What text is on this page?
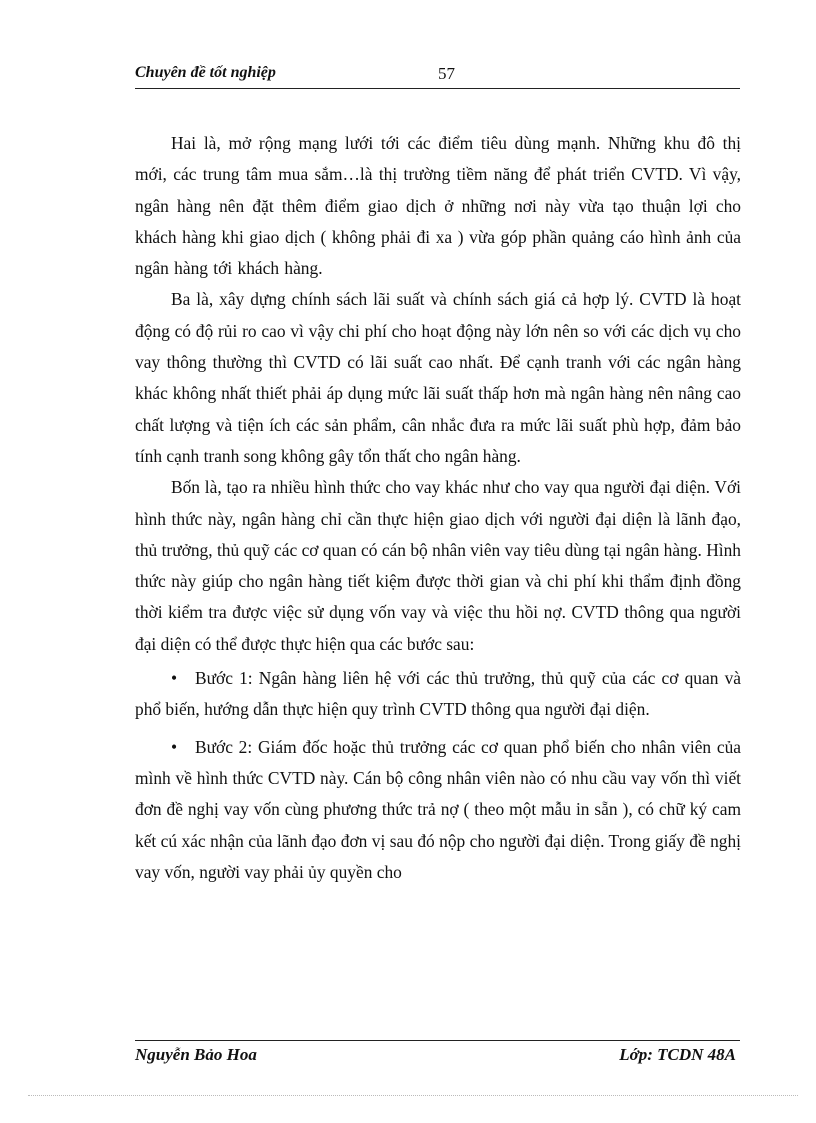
Chuyên đề tốt nghiệp	57

Hai là, mở rộng mạng lưới tới các điểm tiêu dùng mạnh. Những khu đô thị mới, các trung tâm mua sắm…là thị trường tiềm năng để phát triển CVTD. Vì vậy, ngân hàng nên đặt thêm điểm giao dịch ở những nơi này vừa tạo thuận lợi cho khách hàng khi giao dịch ( không phải đi xa ) vừa góp phần quảng cáo hình ảnh của ngân hàng tới khách hàng.

Ba là, xây dựng chính sách lãi suất và chính sách giá cả hợp lý. CVTD là hoạt động có độ rủi ro cao vì vậy chi phí cho hoạt động này lớn nên so với các dịch vụ cho vay thông thường thì CVTD có lãi suất cao nhất. Để cạnh tranh với các ngân hàng khác không nhất thiết phải áp dụng mức lãi suất thấp hơn mà ngân hàng nên nâng cao chất lượng và tiện ích các sản phẩm, cân nhắc đưa ra mức lãi suất phù hợp, đảm bảo tính cạnh tranh song không gây tổn thất cho ngân hàng.

Bốn là, tạo ra nhiều hình thức cho vay khác như cho vay qua người đại diện. Với hình thức này, ngân hàng chỉ cần thực hiện giao dịch với người đại diện là lãnh đạo, thủ trưởng, thủ quỹ các cơ quan có cán bộ nhân viên vay tiêu dùng tại ngân hàng. Hình thức này giúp cho ngân hàng tiết kiệm được thời gian và chi phí khi thẩm định đồng thời kiểm tra được việc sử dụng vốn vay và việc thu hồi nợ. CVTD thông qua người đại diện có thể được thực hiện qua các bước sau:

• Bước 1: Ngân hàng liên hệ với các thủ trưởng, thủ quỹ của các cơ quan và phổ biến, hướng dẫn thực hiện quy trình CVTD thông qua người đại diện.

• Bước 2: Giám đốc hoặc thủ trưởng các cơ quan phổ biến cho nhân viên của mình về hình thức CVTD này. Cán bộ công nhân viên nào có nhu cầu vay vốn thì viết đơn đề nghị vay vốn cùng phương thức trả nợ ( theo một mẫu in sẵn ), có chữ ký cam kết cú xác nhận của lãnh đạo đơn vị sau đó nộp cho người đại diện. Trong giấy đề nghị vay vốn, người vay phải ủy quyền cho

Nguyễn Bảo Hoa	Lớp: TCDN 48A
